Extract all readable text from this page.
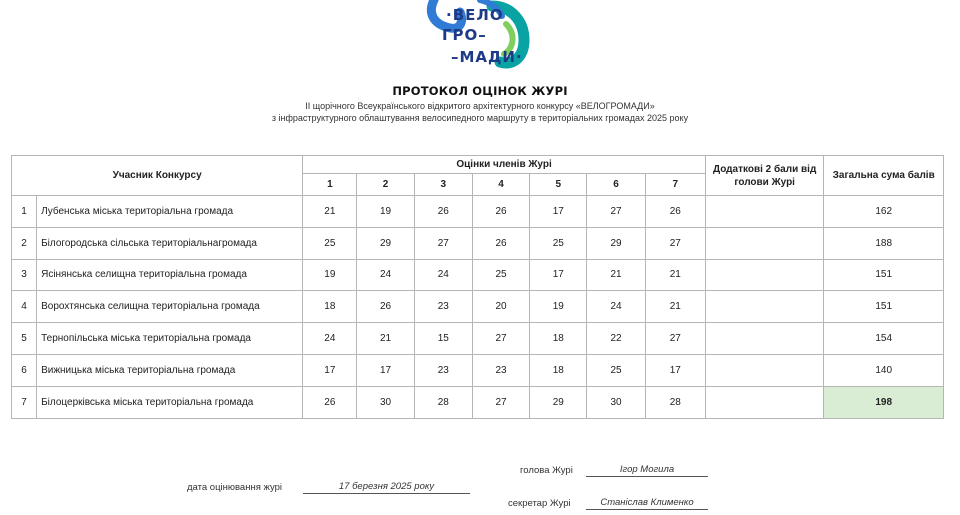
·ВЕЛО
ГРО–
–МАДИ·
ПРОТОКОЛ ОЦІНОК ЖУРІ
ІІ щорічного Всеукраїнського відкритого архітектурного конкурсу «ВЕЛОГРОМАДИ»
з інфраструктурного облаштування велосипедного маршруту в територіальних громадах 2025 року
Учасник Конкурсу		Оцінки членів Журі							Додаткові 2 бали від голови Журі	Загальна сума балів
		1	2	3	4	5	6	7		
1	Лубенська міська територіальна громада	21	19	26	26	17	27	26		162
2	Білогородська сільська територіальнагромада	25	29	27	26	25	29	27		188
3	Ясінянська селищна територіальна громада	19	24	24	25	17	21	21		151
4	Ворохтянська селищна територіальна громада	18	26	23	20	19	24	21		151
5	Тернопільська міська територіальна громада	24	21	15	27	18	22	27		154
6	Вижницька міська територіальна громада	17	17	23	23	18	25	17		140
7	Білоцерківська міська територіальна громада	26	30	28	27	29	30	28		198
голова Журі	Ігор Могила
дата оцінювання журі	17 березня 2025 року
секретар Журі	Станіслав Клименко
